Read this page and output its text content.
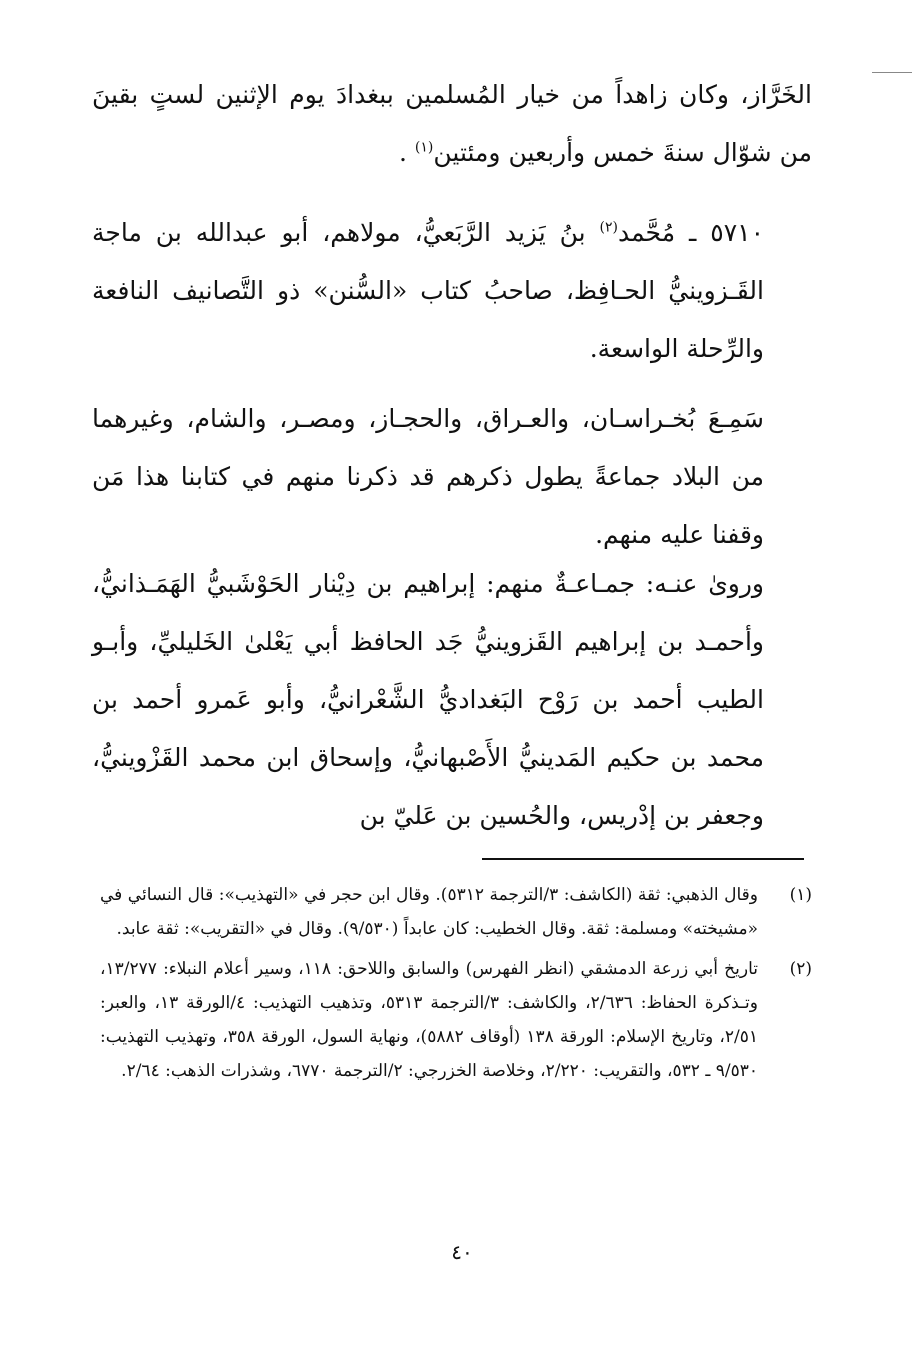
الخَرَّاز، وكان زاهداً من خيار المُسلمين ببغدادَ يوم الإثنين لستٍ بقينَ من شوّال سنةَ خمس وأربعين ومئتين$^{(١)}$ .

٥٧١٠ ـ مُحَّمد$^{(٢)}$ بنُ يَزيد الرَّبَعيُّ، مولاهم، أبو عبدالله بن ماجة القَـزوينيُّ الحـافِظ، صاحبُ كتاب «السُّنن» ذو التَّصانيف النافعة والرِّحلة الواسعة.

سَمِـعَ بُخـراسـان، والعـراق، والحجـاز، ومصـر، والشام، وغيرهما من البلاد جماعةً يطول ذكرهم قد ذكرنا منهم في كتابنا هذا مَن وقفنا عليه منهم.

وروىٰ عنـه: جمـاعـةٌ منهم: إبراهيم بن دِيْنار الحَوْشَبيُّ الهَمَـذانيُّ، وأحمـد بن إبراهيم القَزوينيُّ جَد الحافظ أبي يَعْلىٰ الخَليليِّ، وأبـو الطيب أحمد بن رَوْح البَغداديُّ الشَّعْرانيُّ، وأبو عَمرو أحمد بن محمد بن حكيم المَدينيُّ الأَصْبهانيُّ، وإسحاق ابن محمد القَزْوينيُّ، وجعفر بن إدْريس، والحُسين بن عَليّ بن

(١)
وقال الذهبي: ثقة (الكاشف: ٣/الترجمة ٥٣١٢). وقال ابن حجر في «التهذيب»: قال النسائي في «مشيخته» ومسلمة: ثقة. وقال الخطيب: كان عابداً (٩/٥٣٠). وقال في «التقريب»: ثقة عابد.
(٢)
تاريخ أبي زرعة الدمشقي (انظر الفهرس) والسابق واللاحق: ١١٨، وسير أعلام النبلاء: ١٣/٢٧٧، وتـذكرة الحفاظ: ٢/٦٣٦، والكاشف: ٣/الترجمة ٥٣١٣، وتذهيب التهذيب: ٤/الورقة ١٣، والعبر: ٢/٥١، وتاريخ الإسلام: الورقة ١٣٨ (أوقاف ٥٨٨٢)، ونهاية السول، الورقة ٣٥٨، وتهذيب التهذيب: ٩/٥٣٠ ـ ٥٣٢، والتقريب: ٢/٢٢٠، وخلاصة الخزرجي: ٢/الترجمة ٦٧٧٠، وشذرات الذهب: ٢/٦٤.
٤٠
